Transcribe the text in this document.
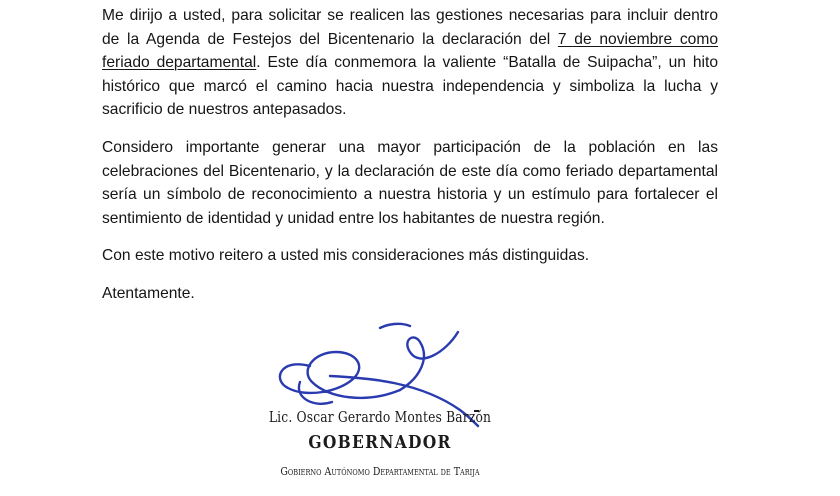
Me dirijo a usted, para solicitar se realicen las gestiones necesarias para incluir dentro de la Agenda de Festejos del Bicentenario la declaración del 7 de noviembre como feriado departamental. Este día conmemora la valiente “Batalla de Suipacha”, un hito histórico que marcó el camino hacia nuestra independencia y simboliza la lucha y sacrificio de nuestros antepasados.

Considero importante generar una mayor participación de la población en las celebraciones del Bicentenario, y la declaración de este día como feriado departamental sería un símbolo de reconocimiento a nuestra historia y un estímulo para fortalecer el sentimiento de identidad y unidad entre los habitantes de nuestra región.

Con este motivo reitero a usted mis consideraciones más distinguidas.

Atentamente.

Lic. Oscar Gerardo Montes Barzón
GOBERNADOR
Gobierno Autónomo Departamental de Tarija
